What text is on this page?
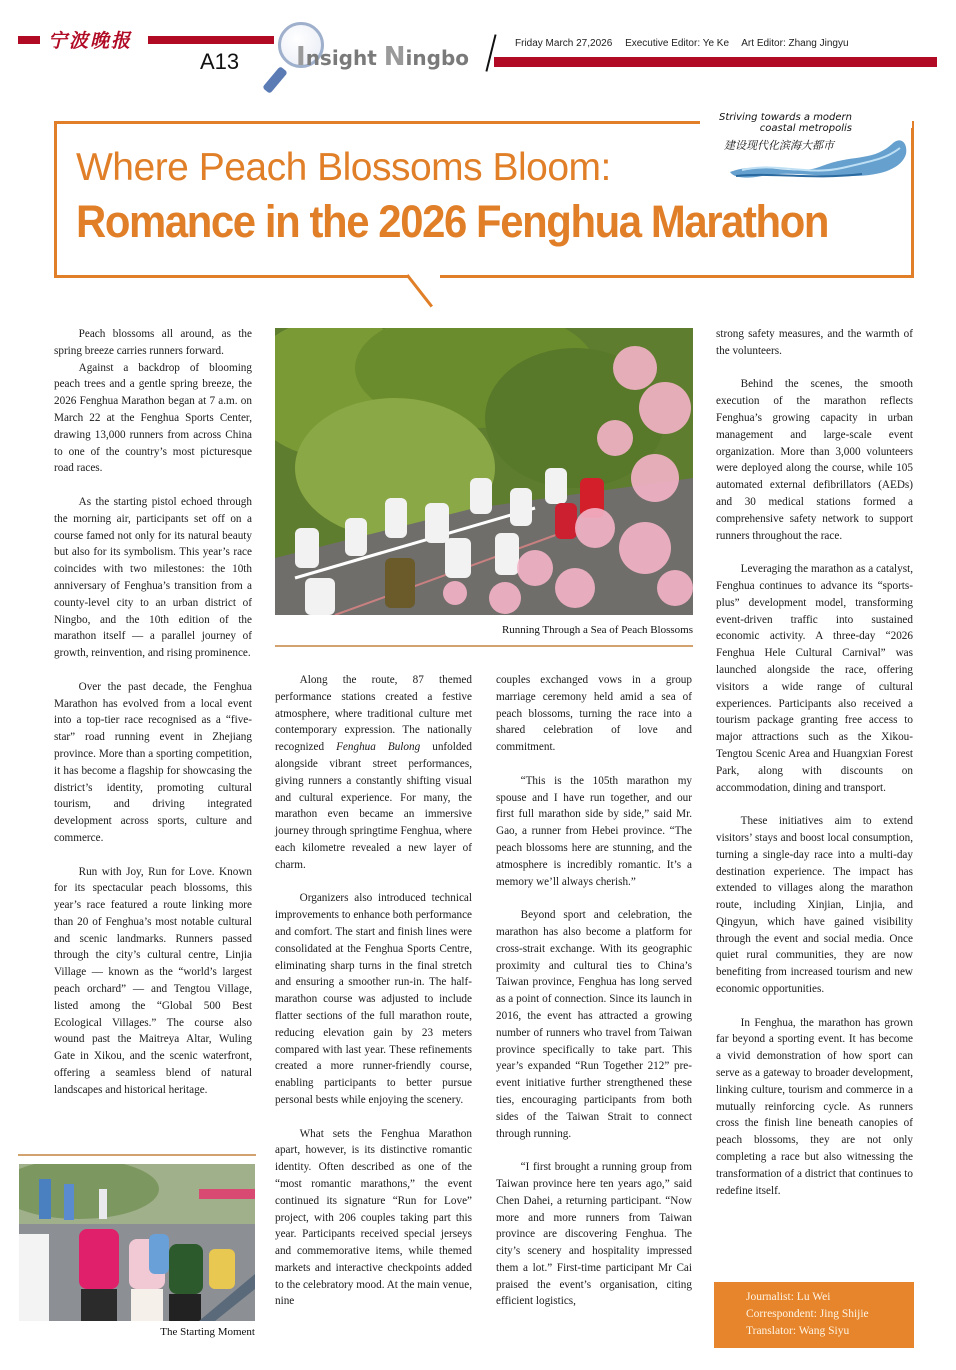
宁波晚报
A13 Insight Ningbo
Friday March 27,2026 Executive Editor: Ye Ke Art Editor: Zhang Jingyu
Where Peach Blossoms Bloom:
Romance in the 2026 Fenghua Marathon
Striving towards a modern
coastal metropolis
建设现代化滨海大都市

Peach blossoms all around, as the spring breeze carries runners forward.

Against a backdrop of blooming peach trees and a gentle spring breeze, the 2026 Fenghua Marathon began at 7 a.m. on March 22 at the Fenghua Sports Center, drawing 13,000 runners from across China to one of the country’s most picturesque road races.

As the starting pistol echoed through the morning air, participants set off on a course famed not only for its natural beauty but also for its symbolism. This year’s race coincides with two milestones: the 10th anniversary of Fenghua’s transition from a county-level city to an urban district of Ningbo, and the 10th edition of the marathon itself — a parallel journey of growth, reinvention, and rising prominence.

Over the past decade, the Fenghua Marathon has evolved from a local event into a top-tier race recognised as a “five-star” road running event in Zhejiang province. More than a sporting competition, it has become a flagship for showcasing the district’s identity, promoting cultural tourism, and driving integrated development across sports, culture and commerce.

Run with Joy, Run for Love. Known for its spectacular peach blossoms, this year’s race featured a route linking more than 20 of Fenghua’s most notable cultural and scenic landmarks. Runners passed through the city’s cultural centre, Linjia Village — known as the “world’s largest peach orchard” — and Tengtou Village, listed among the “Global 500 Best Ecological Villages.” The course also wound past the Maitreya Altar, Wuling Gate in Xikou, and the scenic waterfront, offering a seamless blend of natural landscapes and historical heritage.

Running Through a Sea of Peach Blossoms

Along the route, 87 themed performance stations created a festive atmosphere, where traditional culture met contemporary expression. The nationally recognized Fenghua Bulong unfolded alongside vibrant street performances, giving runners a constantly shifting visual and cultural experience. For many, the marathon even became an immersive journey through springtime Fenghua, where each kilometre revealed a new layer of charm.

Organizers also introduced technical improvements to enhance both performance and comfort. The start and finish lines were consolidated at the Fenghua Sports Centre, eliminating sharp turns in the final stretch and ensuring a smoother run-in. The half-marathon course was adjusted to include flatter sections of the full marathon route, reducing elevation gain by 23 meters compared with last year. These refinements created a more runner-friendly course, enabling participants to better pursue personal bests while enjoying the scenery.

What sets the Fenghua Marathon apart, however, is its distinctive romantic identity. Often described as one of the “most romantic marathons,” the event continued its signature “Run for Love” project, with 206 couples taking part this year. Participants received special jerseys and commemorative items, while themed markets and interactive checkpoints added to the celebratory mood. At the main venue, nine

couples exchanged vows in a group marriage ceremony held amid a sea of peach blossoms, turning the race into a shared celebration of love and commitment.

“This is the 105th marathon my spouse and I have run together, and our first full marathon side by side,” said Mr. Gao, a runner from Hebei province. “The peach blossoms here are stunning, and the atmosphere is incredibly romantic. It’s a memory we’ll always cherish.”

Beyond sport and celebration, the marathon has also become a platform for cross-strait exchange. With its geographic proximity and cultural ties to China’s Taiwan province, Fenghua has long served as a point of connection. Since its launch in 2016, the event has attracted a growing number of runners who travel from Taiwan province specifically to take part. This year’s expanded “Run Together 212” pre-event initiative further strengthened these ties, encouraging participants from both sides of the Taiwan Strait to connect through running.

“I first brought a running group from Taiwan province here ten years ago,” said Chen Dahei, a returning participant. “Now more and more runners from Taiwan province are discovering Fenghua. The city’s scenery and hospitality impressed them a lot.” First-time participant Mr Cai praised the event’s organisation, citing efficient logistics,

strong safety measures, and the warmth of the volunteers.

Behind the scenes, the smooth execution of the marathon reflects Fenghua’s growing capacity in urban management and large-scale event organization. More than 3,000 volunteers were deployed along the course, while 105 automated external defibrillators (AEDs) and 30 medical stations formed a comprehensive safety network to support runners throughout the race.

Leveraging the marathon as a catalyst, Fenghua continues to advance its “sports-plus” development model, transforming event-driven traffic into sustained economic activity. A three-day “2026 Fenghua Hele Cultural Carnival” was launched alongside the race, offering visitors a wide range of cultural experiences. Participants also received a tourism package granting free access to major attractions such as the Xikou-Tengtou Scenic Area and Huangxian Forest Park, along with discounts on accommodation, dining and transport.

These initiatives aim to extend visitors’ stays and boost local consumption, turning a single-day race into a multi-day destination experience. The impact has extended to villages along the marathon route, including Xinjian, Linjia, and Qingyun, which have gained visibility through the event and social media. Once quiet rural communities, they are now benefiting from increased tourism and new economic opportunities.

In Fenghua, the marathon has grown far beyond a sporting event. It has become a vivid demonstration of how sport can serve as a gateway to broader development, linking culture, tourism and commerce in a mutually reinforcing cycle. As runners cross the finish line beneath canopies of peach blossoms, they are not only completing a race but also witnessing the transformation of a district that continues to redefine itself.

The Starting Moment
Journalist: Lu Wei
Correspondent: Jing Shijie
Translator: Wang Siyu
